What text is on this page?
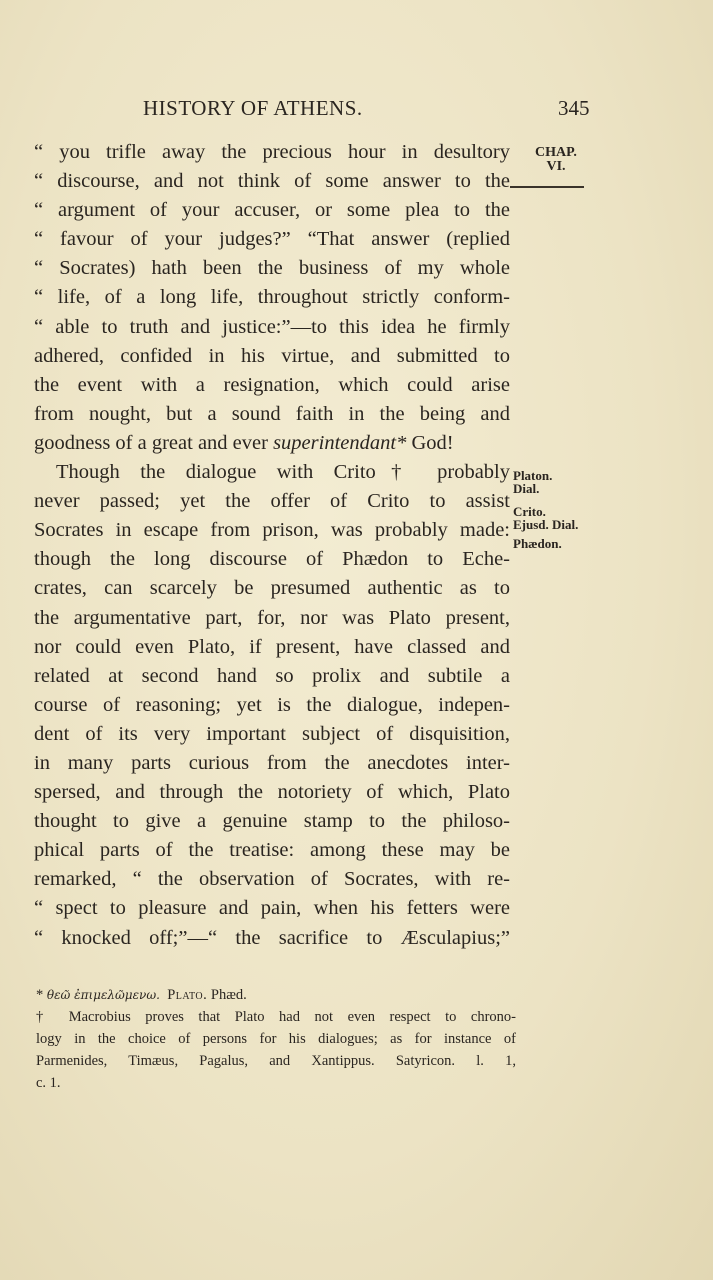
HISTORY OF ATHENS.	345
CHAP.
VI.
Platon.
Dial.
Crito.
Ejusd. Dial.
Phædon.
“ you trifle away the precious hour in desultory
“ discourse, and not think of some answer to the
“ argument of your accuser, or some plea to the
“ favour of your judges?” “That answer (replied
“ Socrates) hath been the business of my whole
“ life, of a long life, throughout strictly conform-
“ able to truth and justice:”—to this idea he firmly
adhered, confided in his virtue, and submitted to
the event with a resignation, which could arise
from nought, but a sound faith in the being and
goodness of a great and ever superintendant* God!
Though the dialogue with Crito† probably
never passed; yet the offer of Crito to assist
Socrates in escape from prison, was probably made:
though the long discourse of Phædon to Eche-
crates, can scarcely be presumed authentic as to
the argumentative part, for, nor was Plato present,
nor could even Plato, if present, have classed and
related at second hand so prolix and subtile a
course of reasoning; yet is the dialogue, indepen-
dent of its very important subject of disquisition,
in many parts curious from the anecdotes inter-
spersed, and through the notoriety of which, Plato
thought to give a genuine stamp to the philoso-
phical parts of the treatise: among these may be
remarked, “ the observation of Socrates, with re-
“ spect to pleasure and pain, when his fetters were
“ knocked off;”—“ the sacrifice to Æsculapius;”
* θεῶ ἐπιμελῶμενω. Plato. Phæd.
† Macrobius proves that Plato had not even respect to chrono-
logy in the choice of persons for his dialogues; as for instance of
Parmenides, Timæus, Pagalus, and Xantippus. Satyricon. l. 1,
c. 1.
